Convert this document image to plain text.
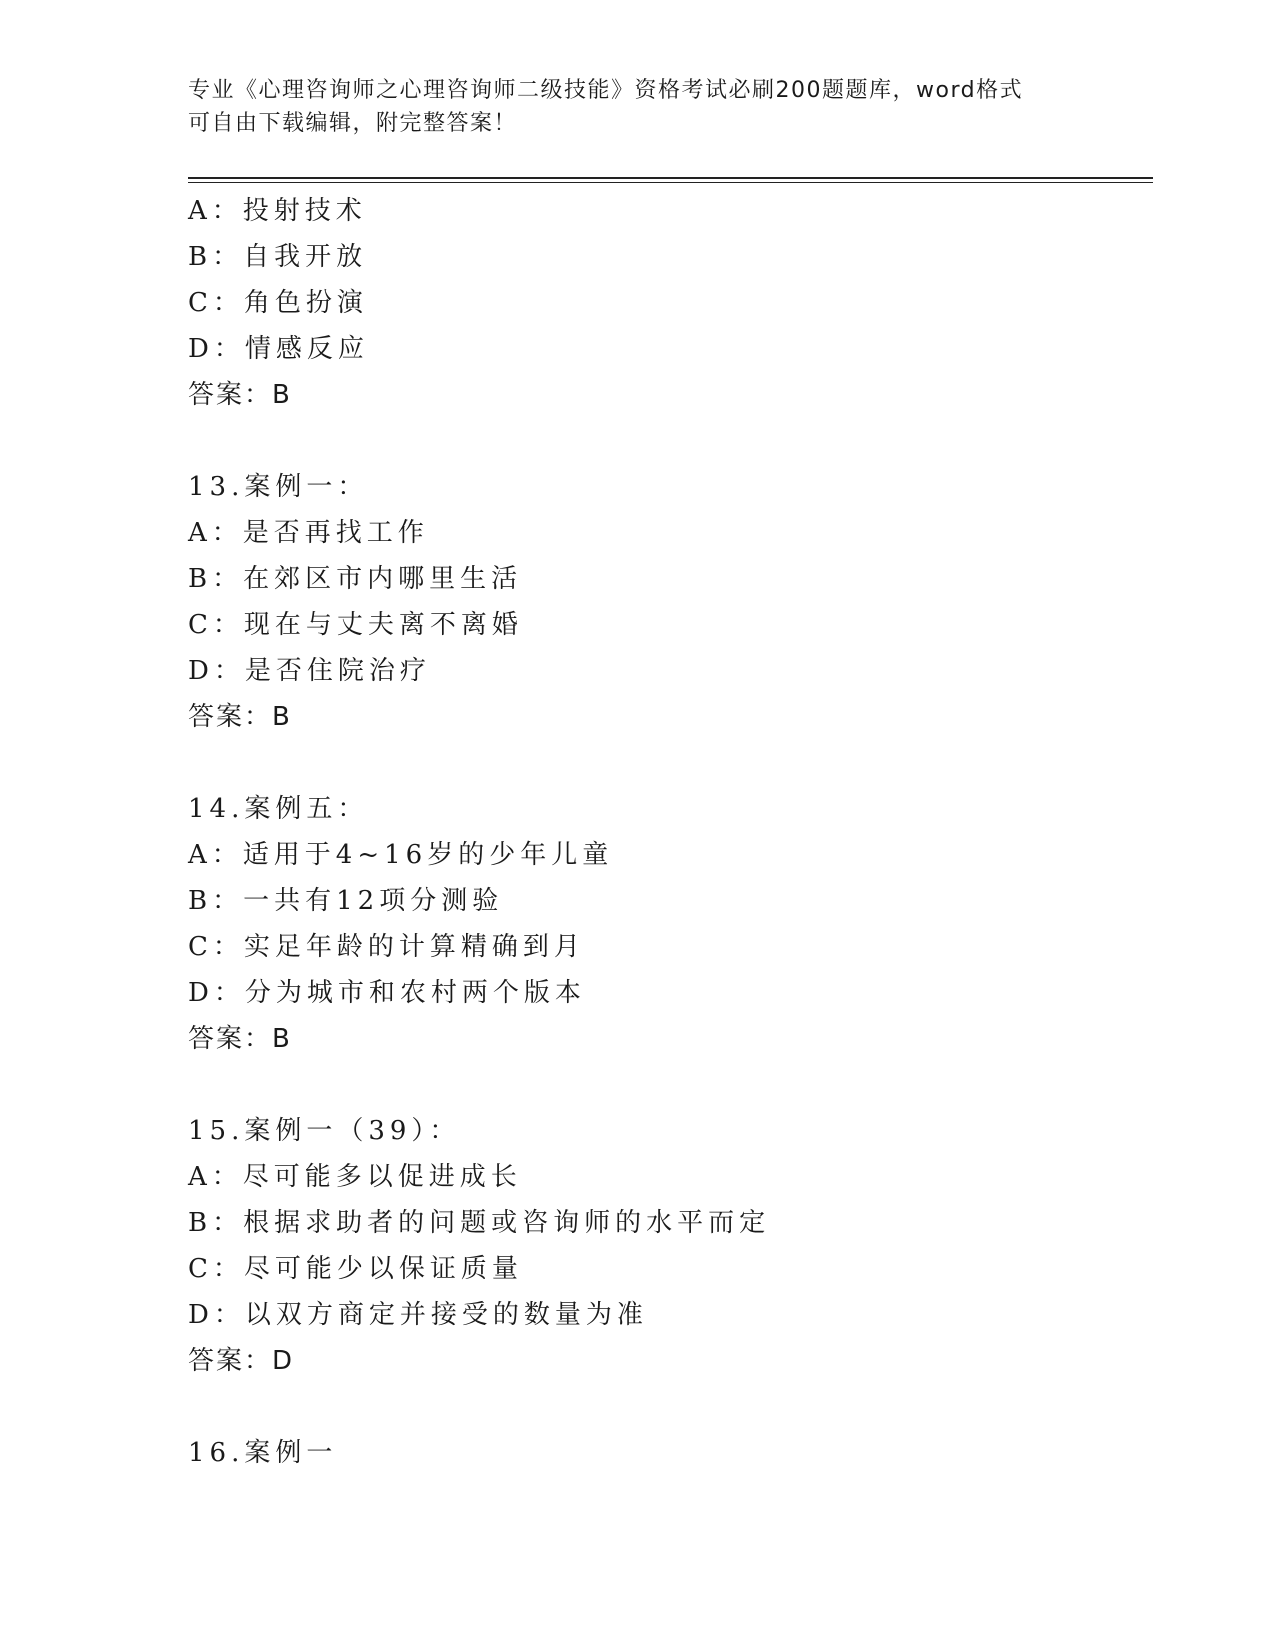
专业《心理咨询师之心理咨询师二级技能》资格考试必刷200题题库，word格式
可自由下载编辑，附完整答案！
A：投射技术
B：自我开放
C：角色扮演
D：情感反应
答案：B
13.案例一：
A：是否再找工作
B：在郊区市内哪里生活
C：现在与丈夫离不离婚
D：是否住院治疗
答案：B
14.案例五：
A：适用于4~16岁的少年儿童
B：一共有12项分测验
C：实足年龄的计算精确到月
D：分为城市和农村两个版本
答案：B
15.案例一（39）：
A：尽可能多以促进成长
B：根据求助者的问题或咨询师的水平而定
C：尽可能少以保证质量
D：以双方商定并接受的数量为准
答案：D
16.案例一
